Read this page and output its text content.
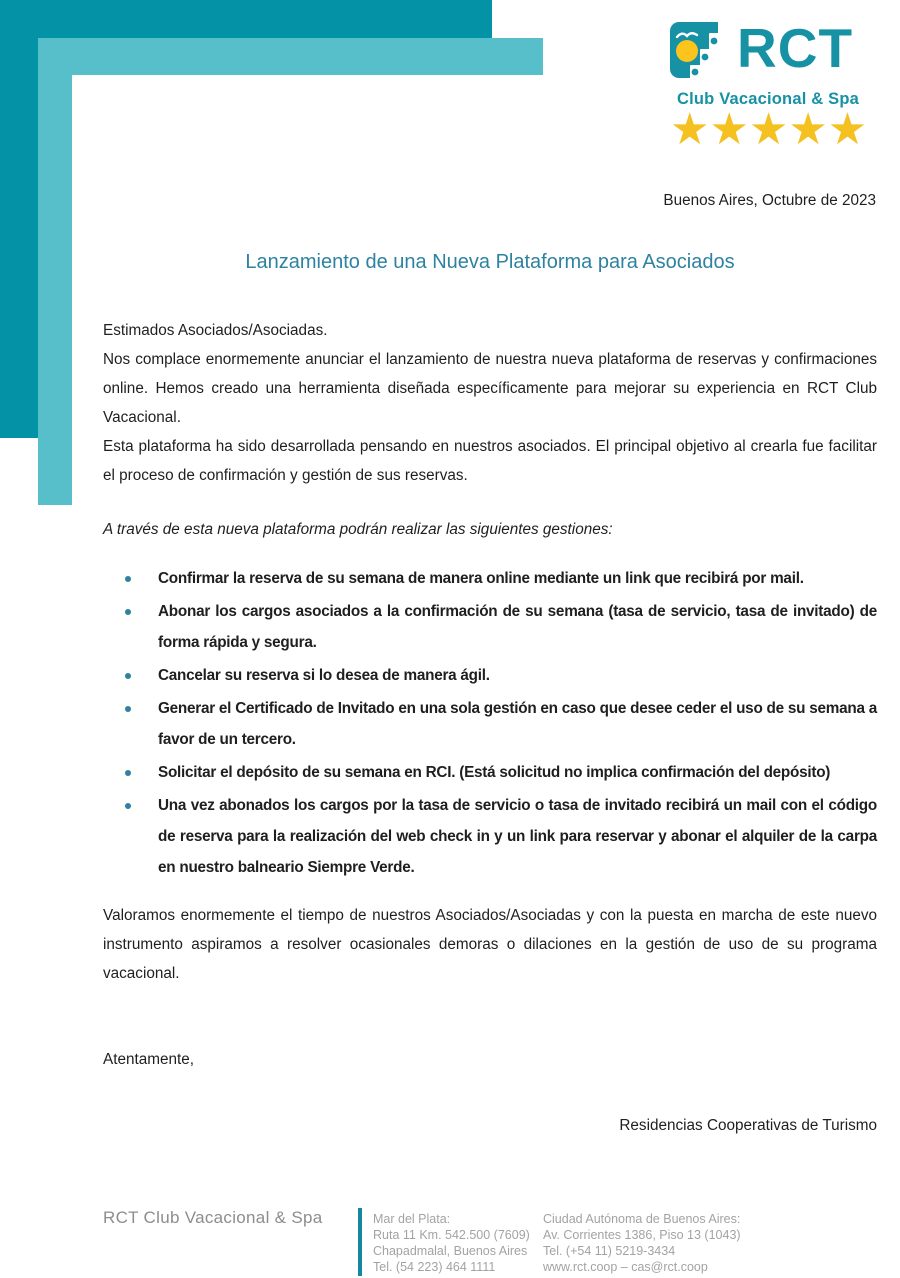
RCT
Club Vacacional & Spa
★★★★★
Buenos Aires, Octubre de 2023
Lanzamiento de una Nueva Plataforma para Asociados

Estimados Asociados/Asociadas.

Nos complace enormemente anunciar el lanzamiento de nuestra nueva plataforma de reservas y confirmaciones online. Hemos creado una herramienta diseñada específicamente para mejorar su experiencia en RCT Club Vacacional.

Esta plataforma ha sido desarrollada pensando en nuestros asociados. El principal objetivo al crearla fue facilitar el proceso de confirmación y gestión de sus reservas.

A través de esta nueva plataforma podrán realizar las siguientes gestiones:

Confirmar la reserva de su semana de manera online mediante un link que recibirá por mail.
Abonar los cargos asociados a la confirmación de su semana (tasa de servicio, tasa de invitado) de forma rápida y segura.
Cancelar su reserva si lo desea de manera ágil.
Generar el Certificado de Invitado en una sola gestión en caso que desee ceder el uso de su semana a favor de un tercero.
Solicitar el depósito de su semana en RCI. (Está solicitud no implica confirmación del depósito)
Una vez abonados los cargos por la tasa de servicio o tasa de invitado recibirá un mail con el código de reserva para la realización del web check in y un link para reservar y abonar el alquiler de la carpa en nuestro balneario Siempre Verde.

Valoramos enormemente el tiempo de nuestros Asociados/Asociadas y con la puesta en marcha de este nuevo instrumento aspiramos a resolver ocasionales demoras o dilaciones en la gestión de uso de su programa vacacional.

Atentamente,

Residencias Cooperativas de Turismo

RCT Club Vacacional & Spa	Mar del Plata:
Ruta 11 Km. 542.500 (7609)
Chapadmalal, Buenos Aires
Tel. (54 223) 464 1111
Ciudad Autónoma de Buenos Aires:
Av. Corrientes 1386, Piso 13 (1043)
Tel. (+54 11) 5219-3434
www.rct.coop – cas@rct.coop
